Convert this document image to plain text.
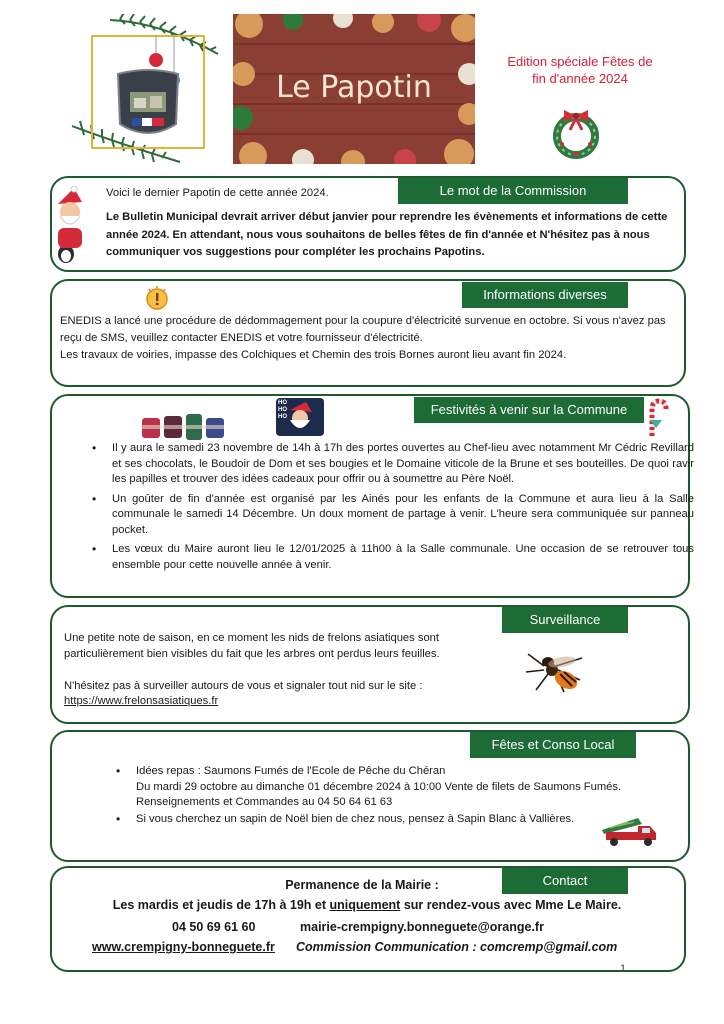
Le Papotin
Edition spéciale Fêtes de
fin d'année 2024
Le mot de la Commission
Voici le dernier Papotin de cette année 2024.
Le Bulletin Municipal devrait arriver début janvier pour reprendre les évènements et informations de cette année 2024. En attendant, nous vous souhaitons de belles fêtes de fin d'année et N'hésitez pas à nous communiquer vos suggestions pour compléter les prochains Papotins.
Informations diverses
ENEDIS a lancé une procédure de dédommagement pour la coupure d'électricité survenue en octobre. Si vous n'avez pas reçu de SMS, veuillez contacter ENEDIS et votre fournisseur d'électricité.
Les travaux de voiries, impasse des Colchiques et Chemin des trois Bornes auront lieu avant fin 2024.
Festivités à venir sur la Commune
HO HO HO
• Il y aura le samedi 23 novembre de 14h à 17h des portes ouvertes au Chef-lieu avec notamment Mr Cédric Revillard et ses chocolats, le Boudoir de Dom et ses bougies et le Domaine viticole de la Brune et ses bouteilles. De quoi ravir les papilles et trouver des idées cadeaux pour offrir ou à soumettre au Père Noël.
• Un goûter de fin d'année est organisé par les Ainés pour les enfants de la Commune et aura lieu à la Salle communale le samedi 14 Décembre. Un doux moment de partage à venir. L'heure sera communiquée sur panneau pocket.
• Les vœux du Maire auront lieu le 12/01/2025 à 11h00 à la Salle communale. Une occasion de se retrouver tous ensemble pour cette nouvelle année à venir.
Surveillance
Une petite note de saison, en ce moment les nids de frelons asiatiques sont particulièrement bien visibles du fait que les arbres ont perdus leurs feuilles.
N'hésitez pas à surveiller autours de vous et signaler tout nid sur le site :
https://www.frelonsasiatiques.fr
Fêtes et Conso Local
• Idées repas : Saumons Fumés de l'Ecole de Pêche du Chéran
Du mardi 29 octobre au dimanche 01 décembre 2024 à 10:00 Vente de filets de Saumons Fumés.
Renseignements et Commandes au 04 50 64 61 63
• Si vous cherchez un sapin de Noël bien de chez nous, pensez à Sapin Blanc à Vallières.
Contact
Permanence de la Mairie :
Les mardis et jeudis de 17h à 19h et uniquement sur rendez-vous avec Mme Le Maire.
04 50 69 61 60	mairie-crempigny.bonneguete@orange.fr
www.crempigny-bonneguete.fr Commission Communication : comcremp@gmail.com
1
